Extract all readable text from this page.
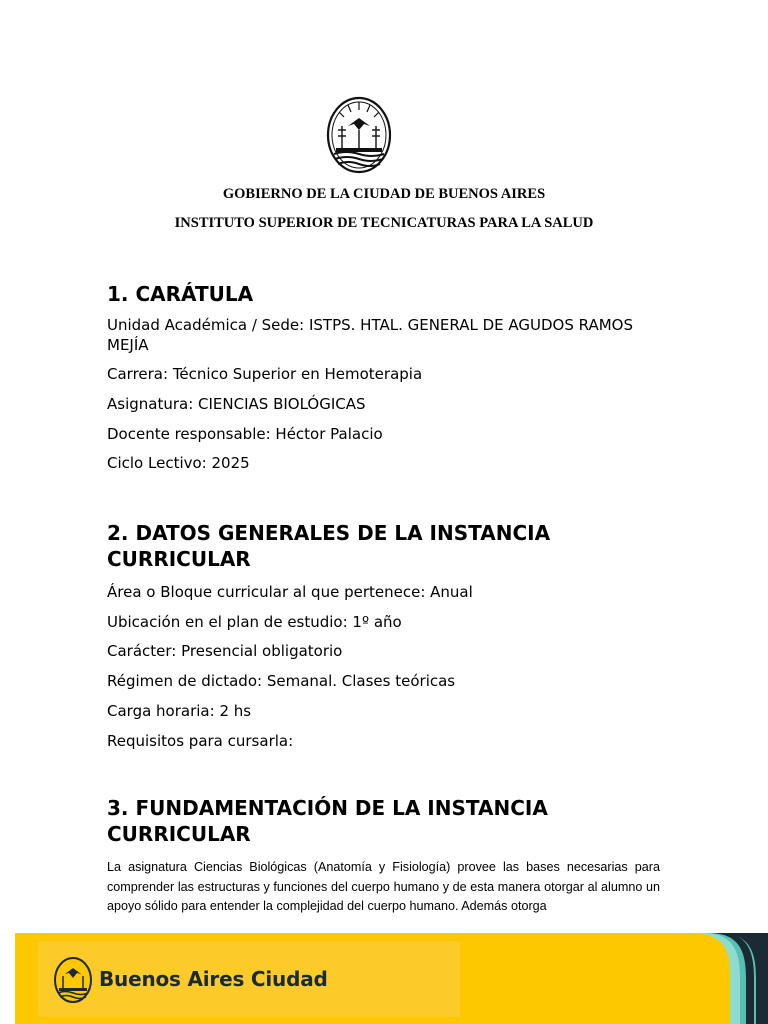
GOBIERNO DE LA CIUDAD DE BUENOS AIRES
INSTITUTO SUPERIOR DE TECNICATURAS PARA LA SALUD

1. CARÁTULA

Unidad Académica / Sede: ISTPS. HTAL. GENERAL DE AGUDOS RAMOS MEJÍA

Carrera: Técnico Superior en Hemoterapia

Asignatura: CIENCIAS BIOLÓGICAS

Docente responsable: Héctor Palacio

Ciclo Lectivo: 2025

2. DATOS GENERALES DE LA INSTANCIA

CURRICULAR

Área o Bloque curricular al que pertenece: Anual

Ubicación en el plan de estudio: 1º año

Carácter: Presencial obligatorio

Régimen de dictado: Semanal. Clases teóricas

Carga horaria: 2 hs

Requisitos para cursarla:

3. FUNDAMENTACIÓN DE LA INSTANCIA

CURRICULAR

La asignatura Ciencias Biológicas (Anatomía y Fisiología) provee las bases necesarias para comprender las estructuras y funciones del cuerpo humano y de esta manera otorgar al alumno un apoyo sólido para entender la complejidad del cuerpo humano. Además otorga
Buenos Aires Ciudad
